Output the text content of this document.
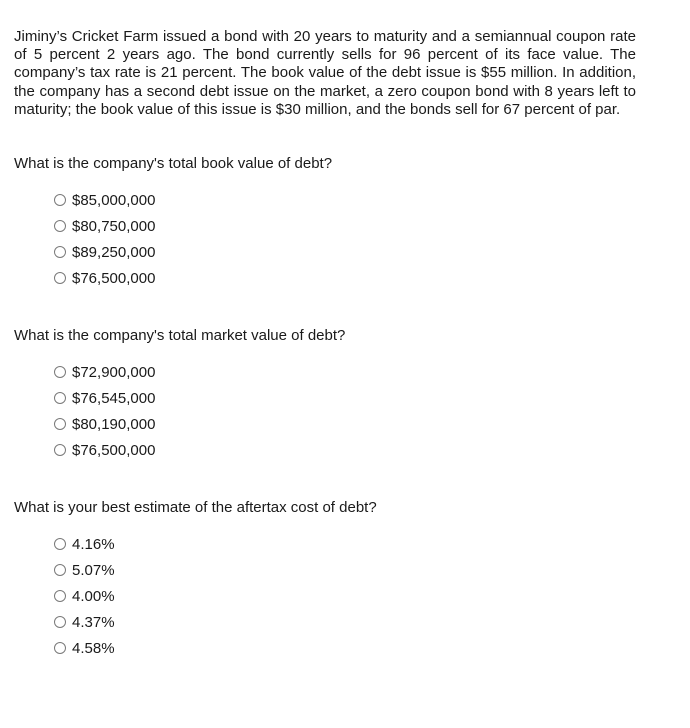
Jiminy’s Cricket Farm issued a bond with 20 years to maturity and a semiannual coupon rate of 5 percent 2 years ago. The bond currently sells for 96 percent of its face value. The company’s tax rate is 21 percent. The book value of the debt issue is $55 million. In addition, the company has a second debt issue on the market, a zero coupon bond with 8 years left to maturity; the book value of this issue is $30 million, and the bonds sell for 67 percent of par.

What is the company's total book value of debt?

$85,000,000
$80,750,000
$89,250,000
$76,500,000

What is the company's total market value of debt?

$72,900,000
$76,545,000
$80,190,000
$76,500,000

What is your best estimate of the aftertax cost of debt?

4.16%
5.07%
4.00%
4.37%
4.58%
